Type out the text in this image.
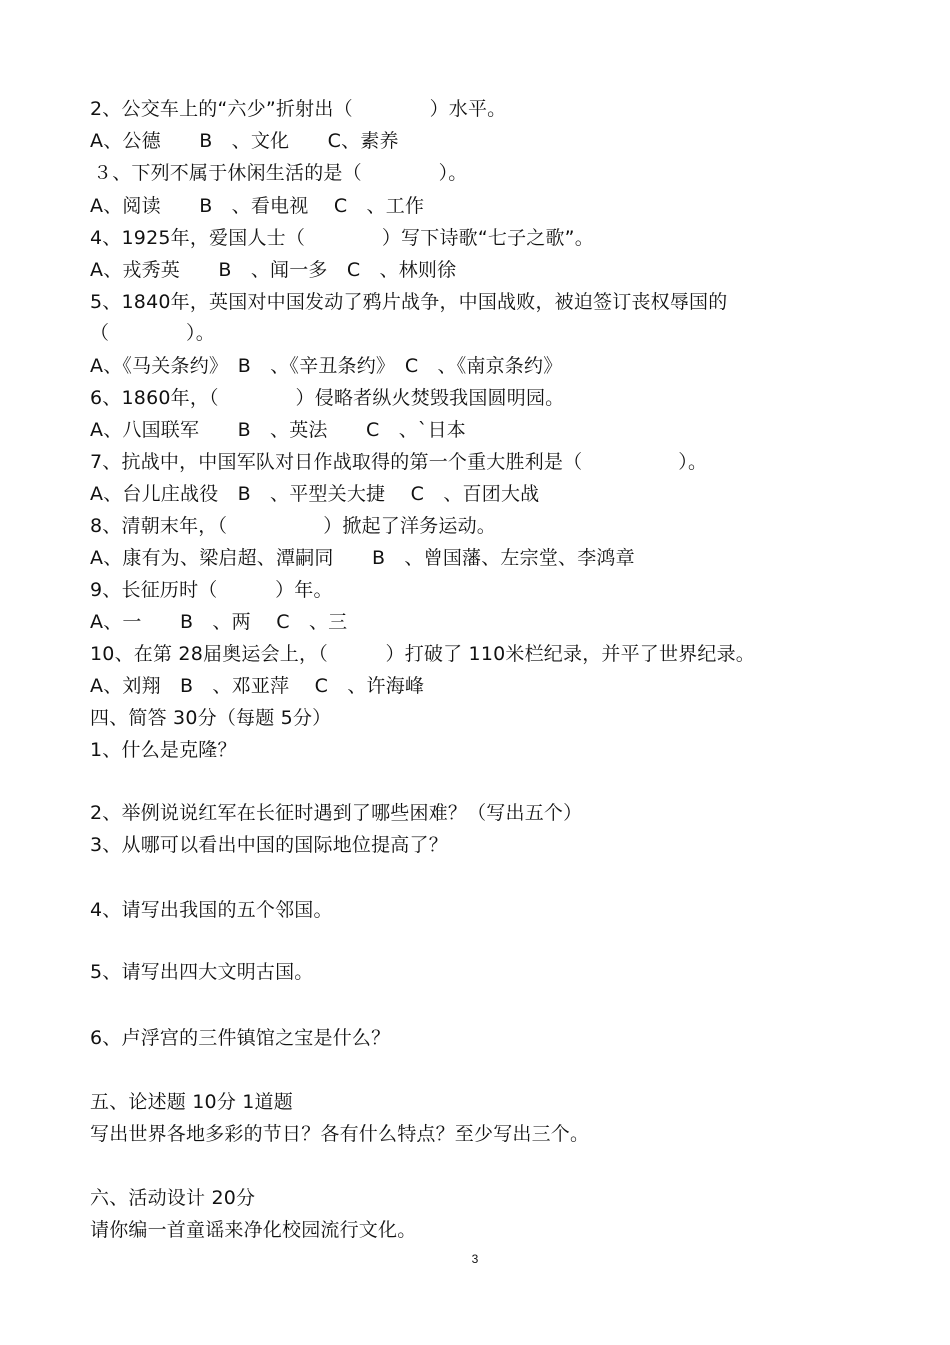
2、公交车上的“六少”折射出（　　　　）水平。
A、公德　　B　、文化　　C、素养
３、下列不属于休闲生活的是（　　　　）。
A、阅读　　B　、看电视　 C　、工作
4、1925年，爱国人士（　　　　）写下诗歌“七子之歌”。
A、戎秀英　　B　、闻一多　C　、林则徐
5、1840年，英国对中国发动了鸦片战争，中国战败，被迫签订丧权辱国的
（　　　　）。
A、《马关条约》　B　、《辛丑条约》　C　、《南京条约》
6、1860年，（　　　　）侵略者纵火焚毁我国圆明园。
A、八国联军　　B　、英法　　C　、`日本
7、抗战中，中国军队对日作战取得的第一个重大胜利是（　　　　　）。
A、台儿庄战役　B　、平型关大捷　 C　、百团大战
8、清朝末年，（　　　　　）掀起了洋务运动。
A、康有为、梁启超、潭嗣同　　B　、曾国藩、左宗堂、李鸿章
9、长征历时（　　　）年。
A、一　　B　、两　 C　、三
10、在第 28届奥运会上，（　　　）打破了 110米栏纪录，并平了世界纪录。
A、刘翔　B　、邓亚萍　 C　、许海峰
四、简答 30分（每题 5分）
1、什么是克隆？
2、举例说说红军在长征时遇到了哪些困难？（写出五个）
3、从哪可以看出中国的国际地位提高了？
4、请写出我国的五个邻国。
5、请写出四大文明古国。
6、卢浮宫的三件镇馆之宝是什么？
五、论述题 10分 1道题
写出世界各地多彩的节日？各有什么特点？至少写出三个。
六、活动设计 20分
请你编一首童谣来净化校园流行文化。
3
